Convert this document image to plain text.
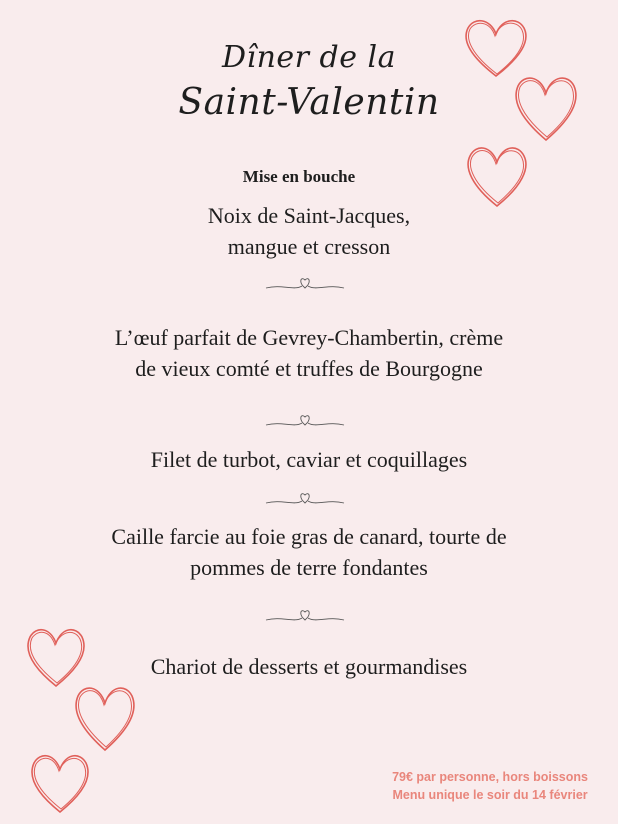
Dîner de la
Saint-Valentin
Mise en bouche
Noix de Saint-Jacques,
mangue et cresson
L’œuf parfait de Gevrey-Chambertin, crème
de vieux comté et truffes de Bourgogne
Filet de turbot, caviar et coquillages
Caille farcie au foie gras de canard, tourte de
pommes de terre fondantes
Chariot de desserts et gourmandises
79€ par personne, hors boissons
Menu unique le soir du 14 février
